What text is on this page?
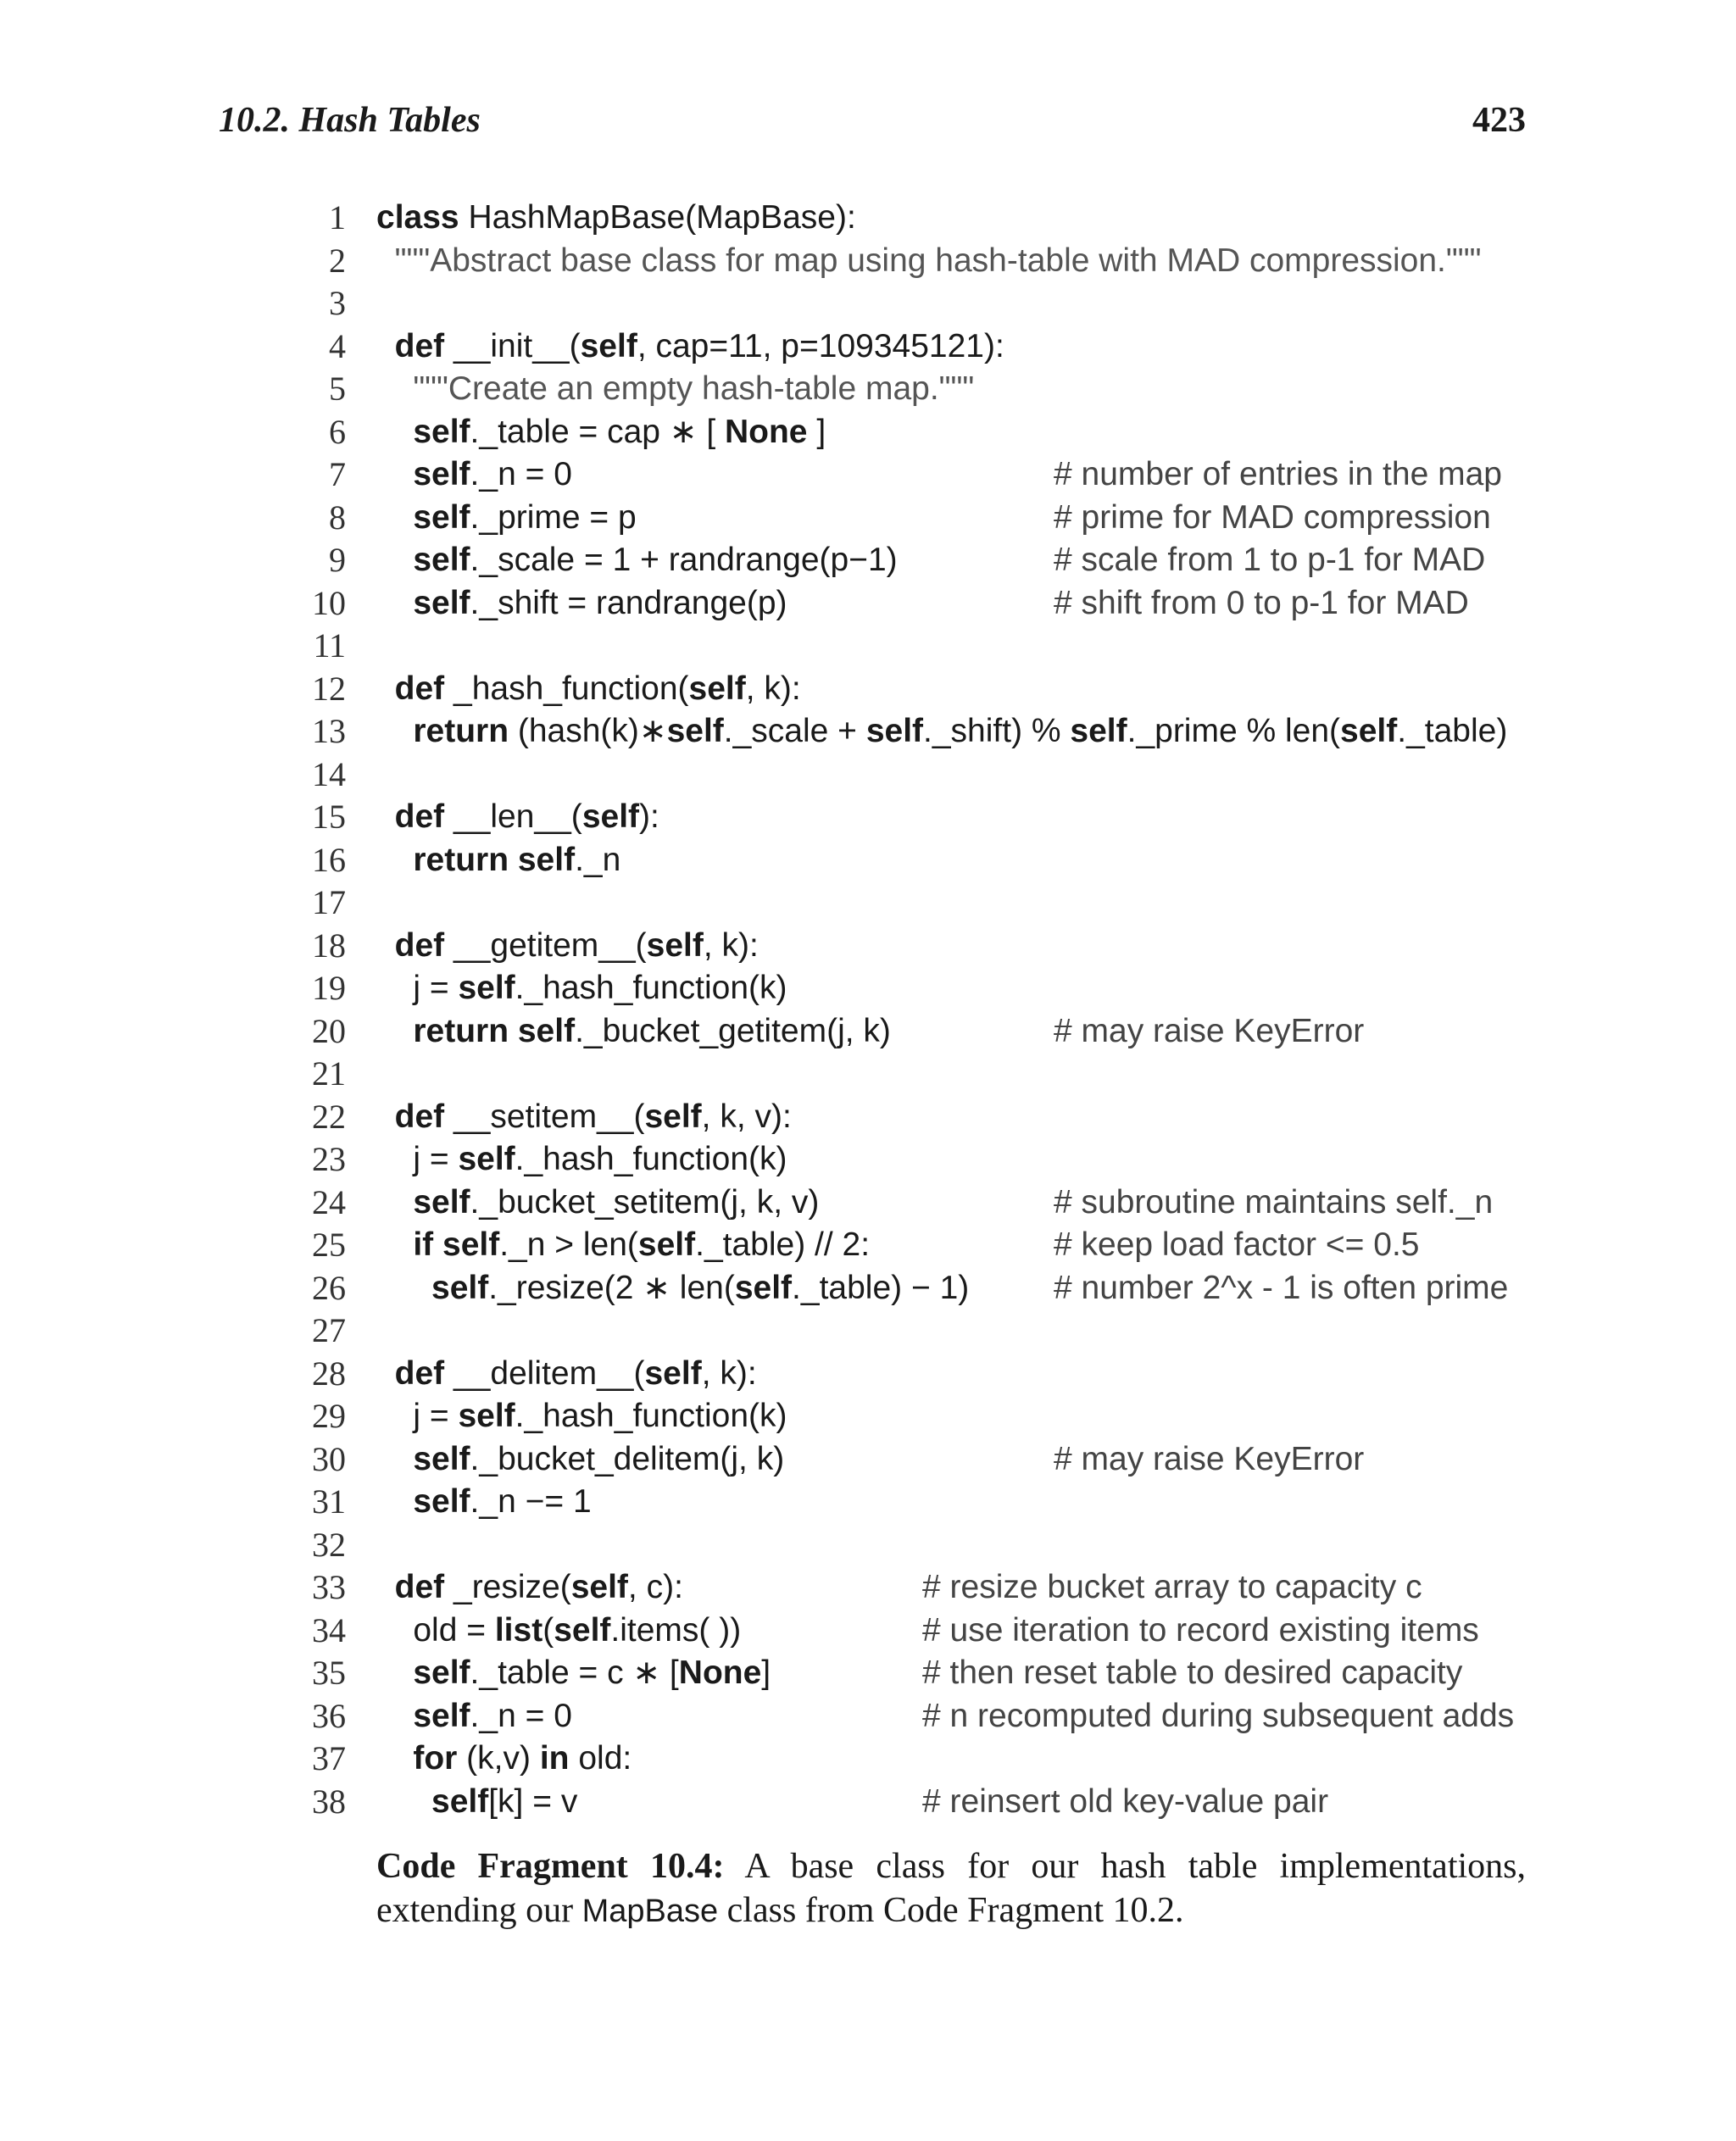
10.2. Hash Tables	423
1 class HashMapBase(MapBase):
2 """Abstract base class for map using hash-table with MAD compression."""
3
4	def __init__(self, cap=11, p=109345121):
5 """Create an empty hash-table map."""
6	self._table = cap ∗ [ None ]
7	self._n = 0	# number of entries in the map
8	self._prime = p	# prime for MAD compression
9	self._scale = 1 + randrange(p−1)	# scale from 1 to p-1 for MAD
10	self._shift = randrange(p)	# shift from 0 to p-1 for MAD
11
12	def _hash_function(self, k):
13	return (hash(k)∗self._scale + self._shift) % self._prime % len(self._table)
14
15	def __len__(self):
16	return self._n
17
18	def __getitem__(self, k):
19 j = self._hash_function(k)
20	return self._bucket_getitem(j, k)	# may raise KeyError
21
22	def __setitem__(self, k, v):
23 j = self._hash_function(k)
24	self._bucket_setitem(j, k, v)	# subroutine maintains self._n
25	if self._n > len(self._table) // 2:	# keep load factor <= 0.5
26	self._resize(2 ∗ len(self._table) − 1)	# number 2^x - 1 is often prime
27
28	def __delitem__(self, k):
29 j = self._hash_function(k)
30	self._bucket_delitem(j, k)	# may raise KeyError
31	self._n −= 1
32
33	def _resize(self, c):	# resize bucket array to capacity c
34 old = list(self.items( ))	# use iteration to record existing items
35	self._table = c ∗ [None]	# then reset table to desired capacity
36	self._n = 0	# n recomputed during subsequent adds
37	for (k,v) in old:
38	self[k] = v	# reinsert old key-value pair
Code Fragment 10.4: A base class for our hash table implementations, extending our MapBase class from Code Fragment 10.2.
